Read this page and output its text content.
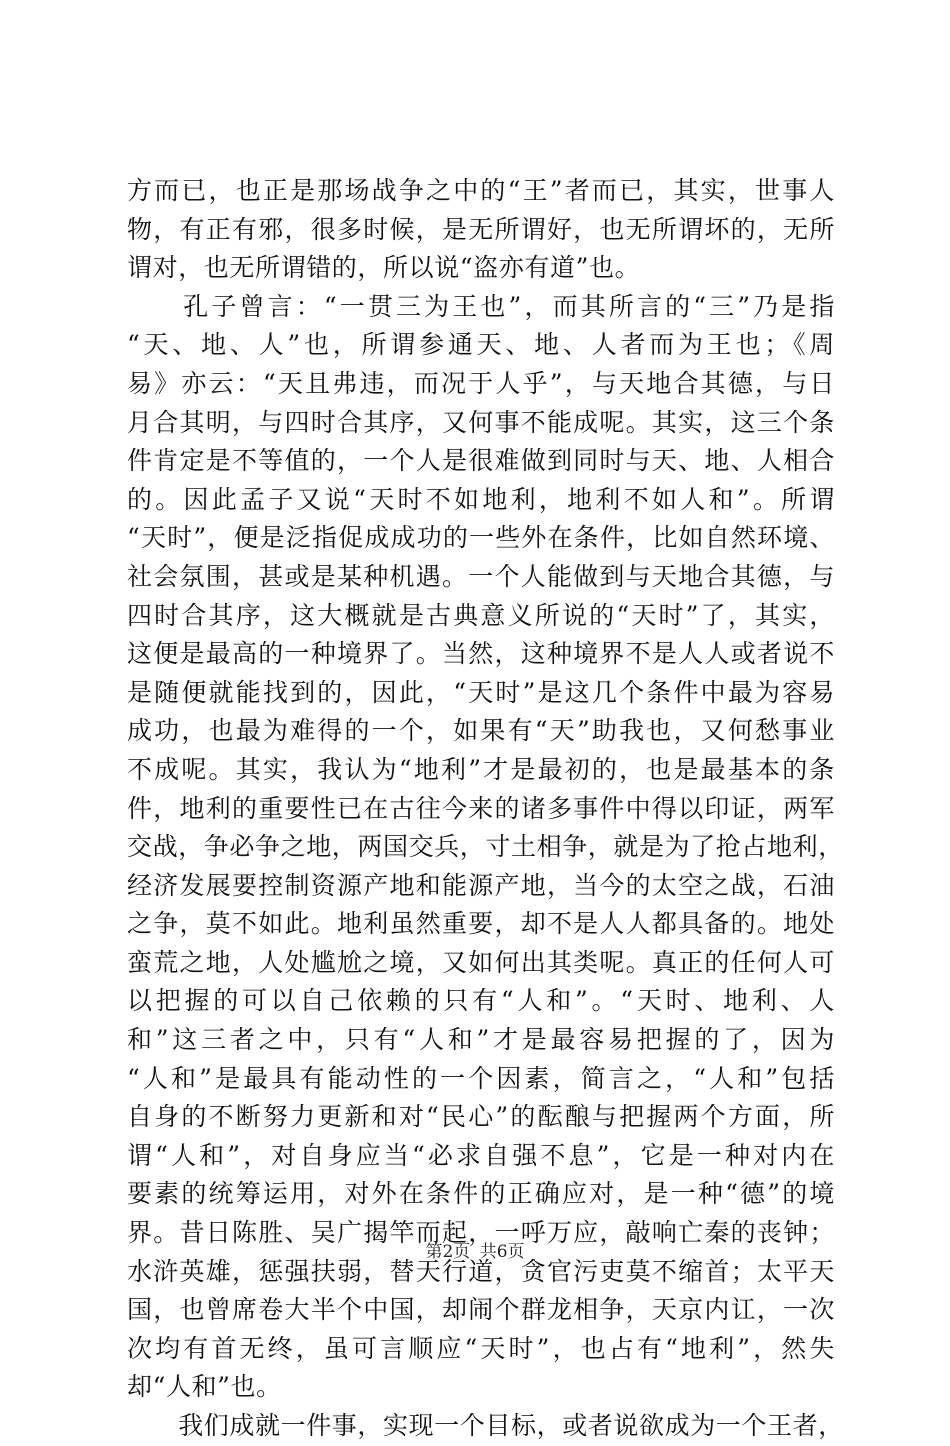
方而已，也正是那场战争之中的“王”者而已，其实，世事人
物，有正有邪，很多时候，是无所谓好，也无所谓坏的，无所
谓对，也无所谓错的，所以说“盗亦有道”也。
　　孔子曾言：“一贯三为王也”，而其所言的“三”乃是指
“天、地、人”也，所谓参通天、地、人者而为王也；《周
易》亦云：“天且弗违，而况于人乎”，与天地合其德，与日
月合其明，与四时合其序，又何事不能成呢。其实，这三个条
件肯定是不等值的，一个人是很难做到同时与天、地、人相合
的。因此孟子又说“天时不如地利，地利不如人和”。所谓
“天时”，便是泛指促成成功的一些外在条件，比如自然环境、
社会氛围，甚或是某种机遇。一个人能做到与天地合其德，与
四时合其序，这大概就是古典意义所说的“天时”了，其实，
这便是最高的一种境界了。当然，这种境界不是人人或者说不
是随便就能找到的，因此，“天时”是这几个条件中最为容易
成功，也最为难得的一个，如果有“天”助我也，又何愁事业
不成呢。其实，我认为“地利”才是最初的，也是最基本的条
件，地利的重要性已在古往今来的诸多事件中得以印证，两军
交战，争必争之地，两国交兵，寸土相争，就是为了抢占地利，
经济发展要控制资源产地和能源产地，当今的太空之战，石油
之争，莫不如此。地利虽然重要，却不是人人都具备的。地处
蛮荒之地，人处尴尬之境，又如何出其类呢。真正的任何人可
以把握的可以自己依赖的只有“人和”。“天时、地利、人
和”这三者之中，只有“人和”才是最容易把握的了，因为
“人和”是最具有能动性的一个因素，简言之，“人和”包括
自身的不断努力更新和对“民心”的酝酿与把握两个方面，所
谓“人和”，对自身应当“必求自强不息”，它是一种对内在
要素的统筹运用，对外在条件的正确应对，是一种“德”的境
界。昔日陈胜、吴广揭竿而起，一呼万应，敲响亡秦的丧钟；
水浒英雄，惩强扶弱，替天行道，贪官污吏莫不缩首；太平天
国，也曾席卷大半个中国，却闹个群龙相争，天京内讧，一次
次均有首无终，虽可言顺应“天时”，也占有“地利”，然失
却“人和”也。
　　我们成就一件事，实现一个目标，或者说欲成为一个王者，
第2页 共6页
